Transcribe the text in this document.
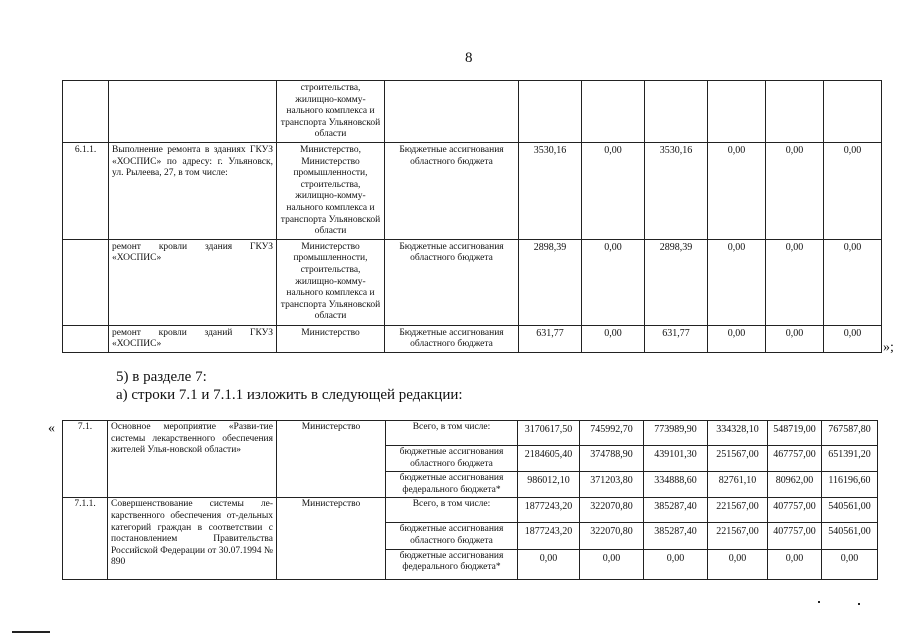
8
		строительства, жилищно-комму-нального комплекса и транспорта Ульяновской области							
6.1.1.	Выполнение ремонта в зданиях ГКУЗ «ХОСПИС» по адресу: г. Ульяновск, ул. Рылеева, 27, в том числе:	Министерство, Министерство промышленности, строительства, жилищно-комму-нального комплекса и транспорта Ульяновской области	Бюджетные ассигнования областного бюджета	3530,16	0,00	3530,16	0,00	0,00	0,00
	ремонт кровли здания ГКУЗ «ХОСПИС»	Министерство промышленности, строительства, жилищно-комму-нального комплекса и транспорта Ульяновской области	Бюджетные ассигнования областного бюджета	2898,39	0,00	2898,39	0,00	0,00	0,00
	ремонт кровли зданий ГКУЗ «ХОСПИС»	Министерство	Бюджетные ассигнования областного бюджета	631,77	0,00	631,77	0,00	0,00	0,00
»;
5) в разделе 7:
а) строки 7.1 и 7.1.1 изложить в следующей редакции:
« 7.1.	Основное мероприятие «Разви-тие системы лекарственного обеспечения жителей Улья-новской области»	Министерство	Всего, в том числе:	3170617,50	745992,70	773989,90	334328,10	548719,00	767587,80
			бюджетные ассигнования областного бюджета	2184605,40	374788,90	439101,30	251567,00	467757,00	651391,20
			бюджетные ассигнования федерального бюджета*	986012,10	371203,80	334888,60	82761,10	80962,00	116196,60
7.1.1.	Совершенствование системы ле-карственного обеспечения от-дельных категорий граждан в соответствии с постановлением Правительства Российской Федерации от 30.07.1994 № 890	Министерство	Всего, в том числе:	1877243,20	322070,80	385287,40	221567,00	407757,00	540561,00
			бюджетные ассигнования областного бюджета	1877243,20	322070,80	385287,40	221567,00	407757,00	540561,00
			бюджетные ассигнования федерального бюджета*	0,00	0,00	0,00	0,00	0,00	0,00
